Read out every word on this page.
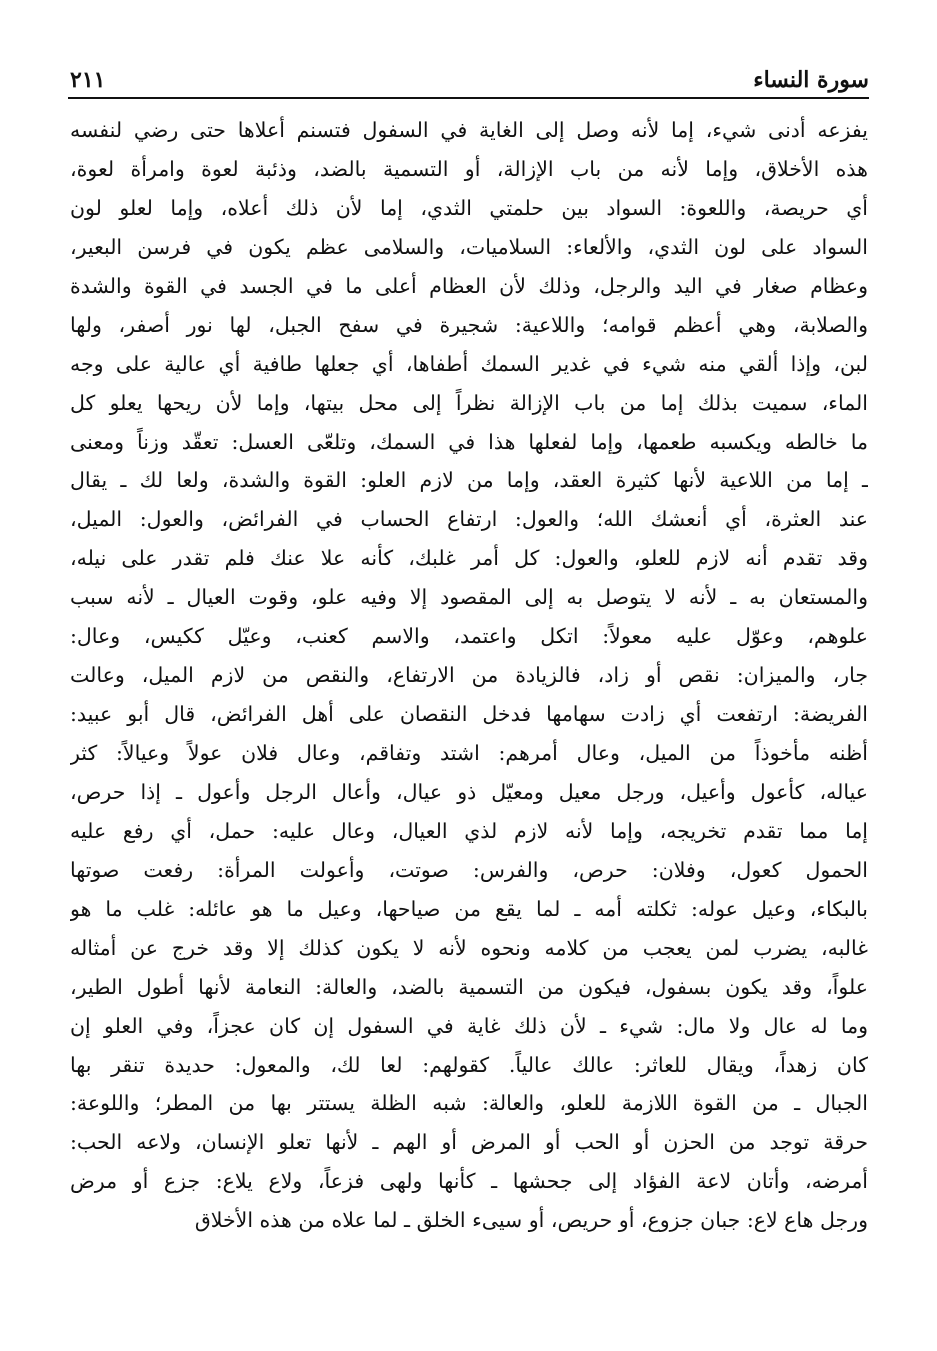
سورة النساء
٢١١
يفزعه أدنى شيء، إما لأنه وصل إلى الغاية في السفول فتسنم أعلاها حتى رضي لنفسه
هذه الأخلاق، وإما لأنه من باب الإزالة، أو التسمية بالضد، وذئبة لعوة وامرأة لعوة،
أي حريصة، واللعوة: السواد بين حلمتي الثدي، إما لأن ذلك أعلاه، وإما لعلو لون
السواد على لون الثدي، والألعاء: السلاميات، والسلامى عظم يكون في فرسن البعير،
وعظام صغار في اليد والرجل، وذلك لأن العظام أعلى ما في الجسد في القوة والشدة
والصلابة، وهي أعظم قوامه؛ واللاعية: شجيرة في سفح الجبل، لها نور أصفر، ولها
لبن، وإذا ألقي منه شيء في غدير السمك أطفاها، أي جعلها طافية أي عالية على وجه
الماء، سميت بذلك إما من باب الإزالة نظراً إلى محل بيتها، وإما لأن ريحها يعلو كل
ما خالطه ويكسبه طعمها، وإما لفعلها هذا في السمك، وتلعّى العسل: تعقّد وزناً ومعنى
ـ إما من اللاعية لأنها كثيرة العقد، وإما من لازم العلو: القوة والشدة، ولعا لك ـ يقال
عند العثرة، أي أنعشك الله؛ والعول: ارتفاع الحساب في الفرائض، والعول: الميل،
وقد تقدم أنه لازم للعلو، والعول: كل أمر غلبك، كأنه علا عنك فلم تقدر على نيله،
والمستعان به ـ لأنه لا يتوصل به إلى المقصود إلا وفيه علو، وقوت العيال ـ لأنه سبب
علوهم، وعوّل عليه معولاً: اتكل واعتمد، والاسم كعنب، وعيّل ككيس، وعال:
جار، والميزان: نقص أو زاد، فالزيادة من الارتفاع، والنقص من لازم الميل، وعالت
الفريضة: ارتفعت أي زادت سهامها فدخل النقصان على أهل الفرائض، قال أبو عبيد:
أظنه مأخوذاً من الميل، وعال أمرهم: اشتد وتفاقم، وعال فلان عولاً وعيالاً: كثر
عياله، كأعول وأعيل، ورجل معيل ومعيّل ذو عيال، وأعال الرجل وأعول ـ إذا حرص،
إما مما تقدم تخريجه، وإما لأنه لازم لذي العيال، وعال عليه: حمل، أي رفع عليه
الحمول كعول، وفلان: حرص، والفرس: صوتت، وأعولت المرأة: رفعت صوتها
بالبكاء، وعيل عوله: ثكلته أمه ـ لما يقع من صياحها، وعيل ما هو عائله: غلب ما هو
غالبه، يضرب لمن يعجب من كلامه ونحوه لأنه لا يكون كذلك إلا وقد خرج عن أمثاله
علواً، وقد يكون بسفول، فيكون من التسمية بالضد، والعالة: النعامة لأنها أطول الطير،
وما له عال ولا مال: شيء ـ لأن ذلك غاية في السفول إن كان عجزاً، وفي العلو إن
كان زهداً، ويقال للعاثر: عالك عالياً. كقولهم: لعا لك، والمعول: حديدة تنقر بها
الجبال ـ من القوة اللازمة للعلو، والعالة: شبه الظلة يستتر بها من المطر؛ واللوعة:
حرقة توجد من الحزن أو الحب أو المرض أو الهم ـ لأنها تعلو الإنسان، ولاعه الحب:
أمرضه، وأتان لاعة الفؤاد إلى جحشها ـ كأنها ولهى فزعاً، ولاع يلاع: جزع أو مرض
ورجل هاع لاع: جبان جزوع، أو حريص، أو سيىء الخلق ـ لما علاه من هذه الأخلاق
